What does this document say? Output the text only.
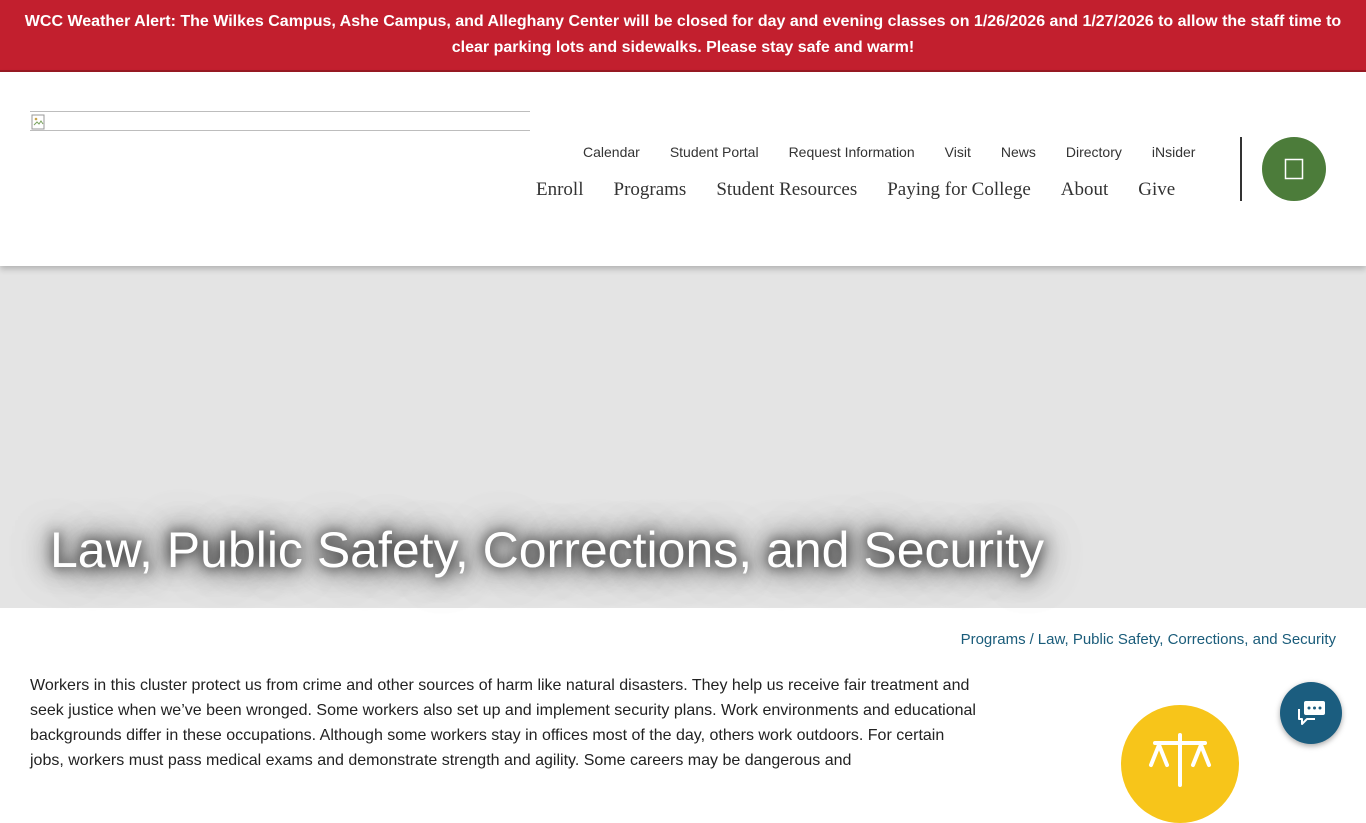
WCC Weather Alert: The Wilkes Campus, Ashe Campus, and Alleghany Center will be closed for day and evening classes on 1/26/2026 and 1/27/2026 to allow the staff time to clear parking lots and sidewalks. Please stay safe and warm!
Calendar	Student Portal	Request Information	Visit	News	Directory	iNsider
Enroll	Programs	Student Resources	Paying for College	About	Give
Law, Public Safety, Corrections, and Security
Programs / Law, Public Safety, Corrections, and Security

Workers in this cluster protect us from crime and other sources of harm like natural disasters. They help us receive fair treatment and seek justice when we’ve been wronged. Some workers also set up and implement security plans. Work environments and educational backgrounds differ in these occupations. Although some workers stay in offices most of the day, others work outdoors. For certain jobs, workers must pass medical exams and demonstrate strength and agility. Some careers may be dangerous and
